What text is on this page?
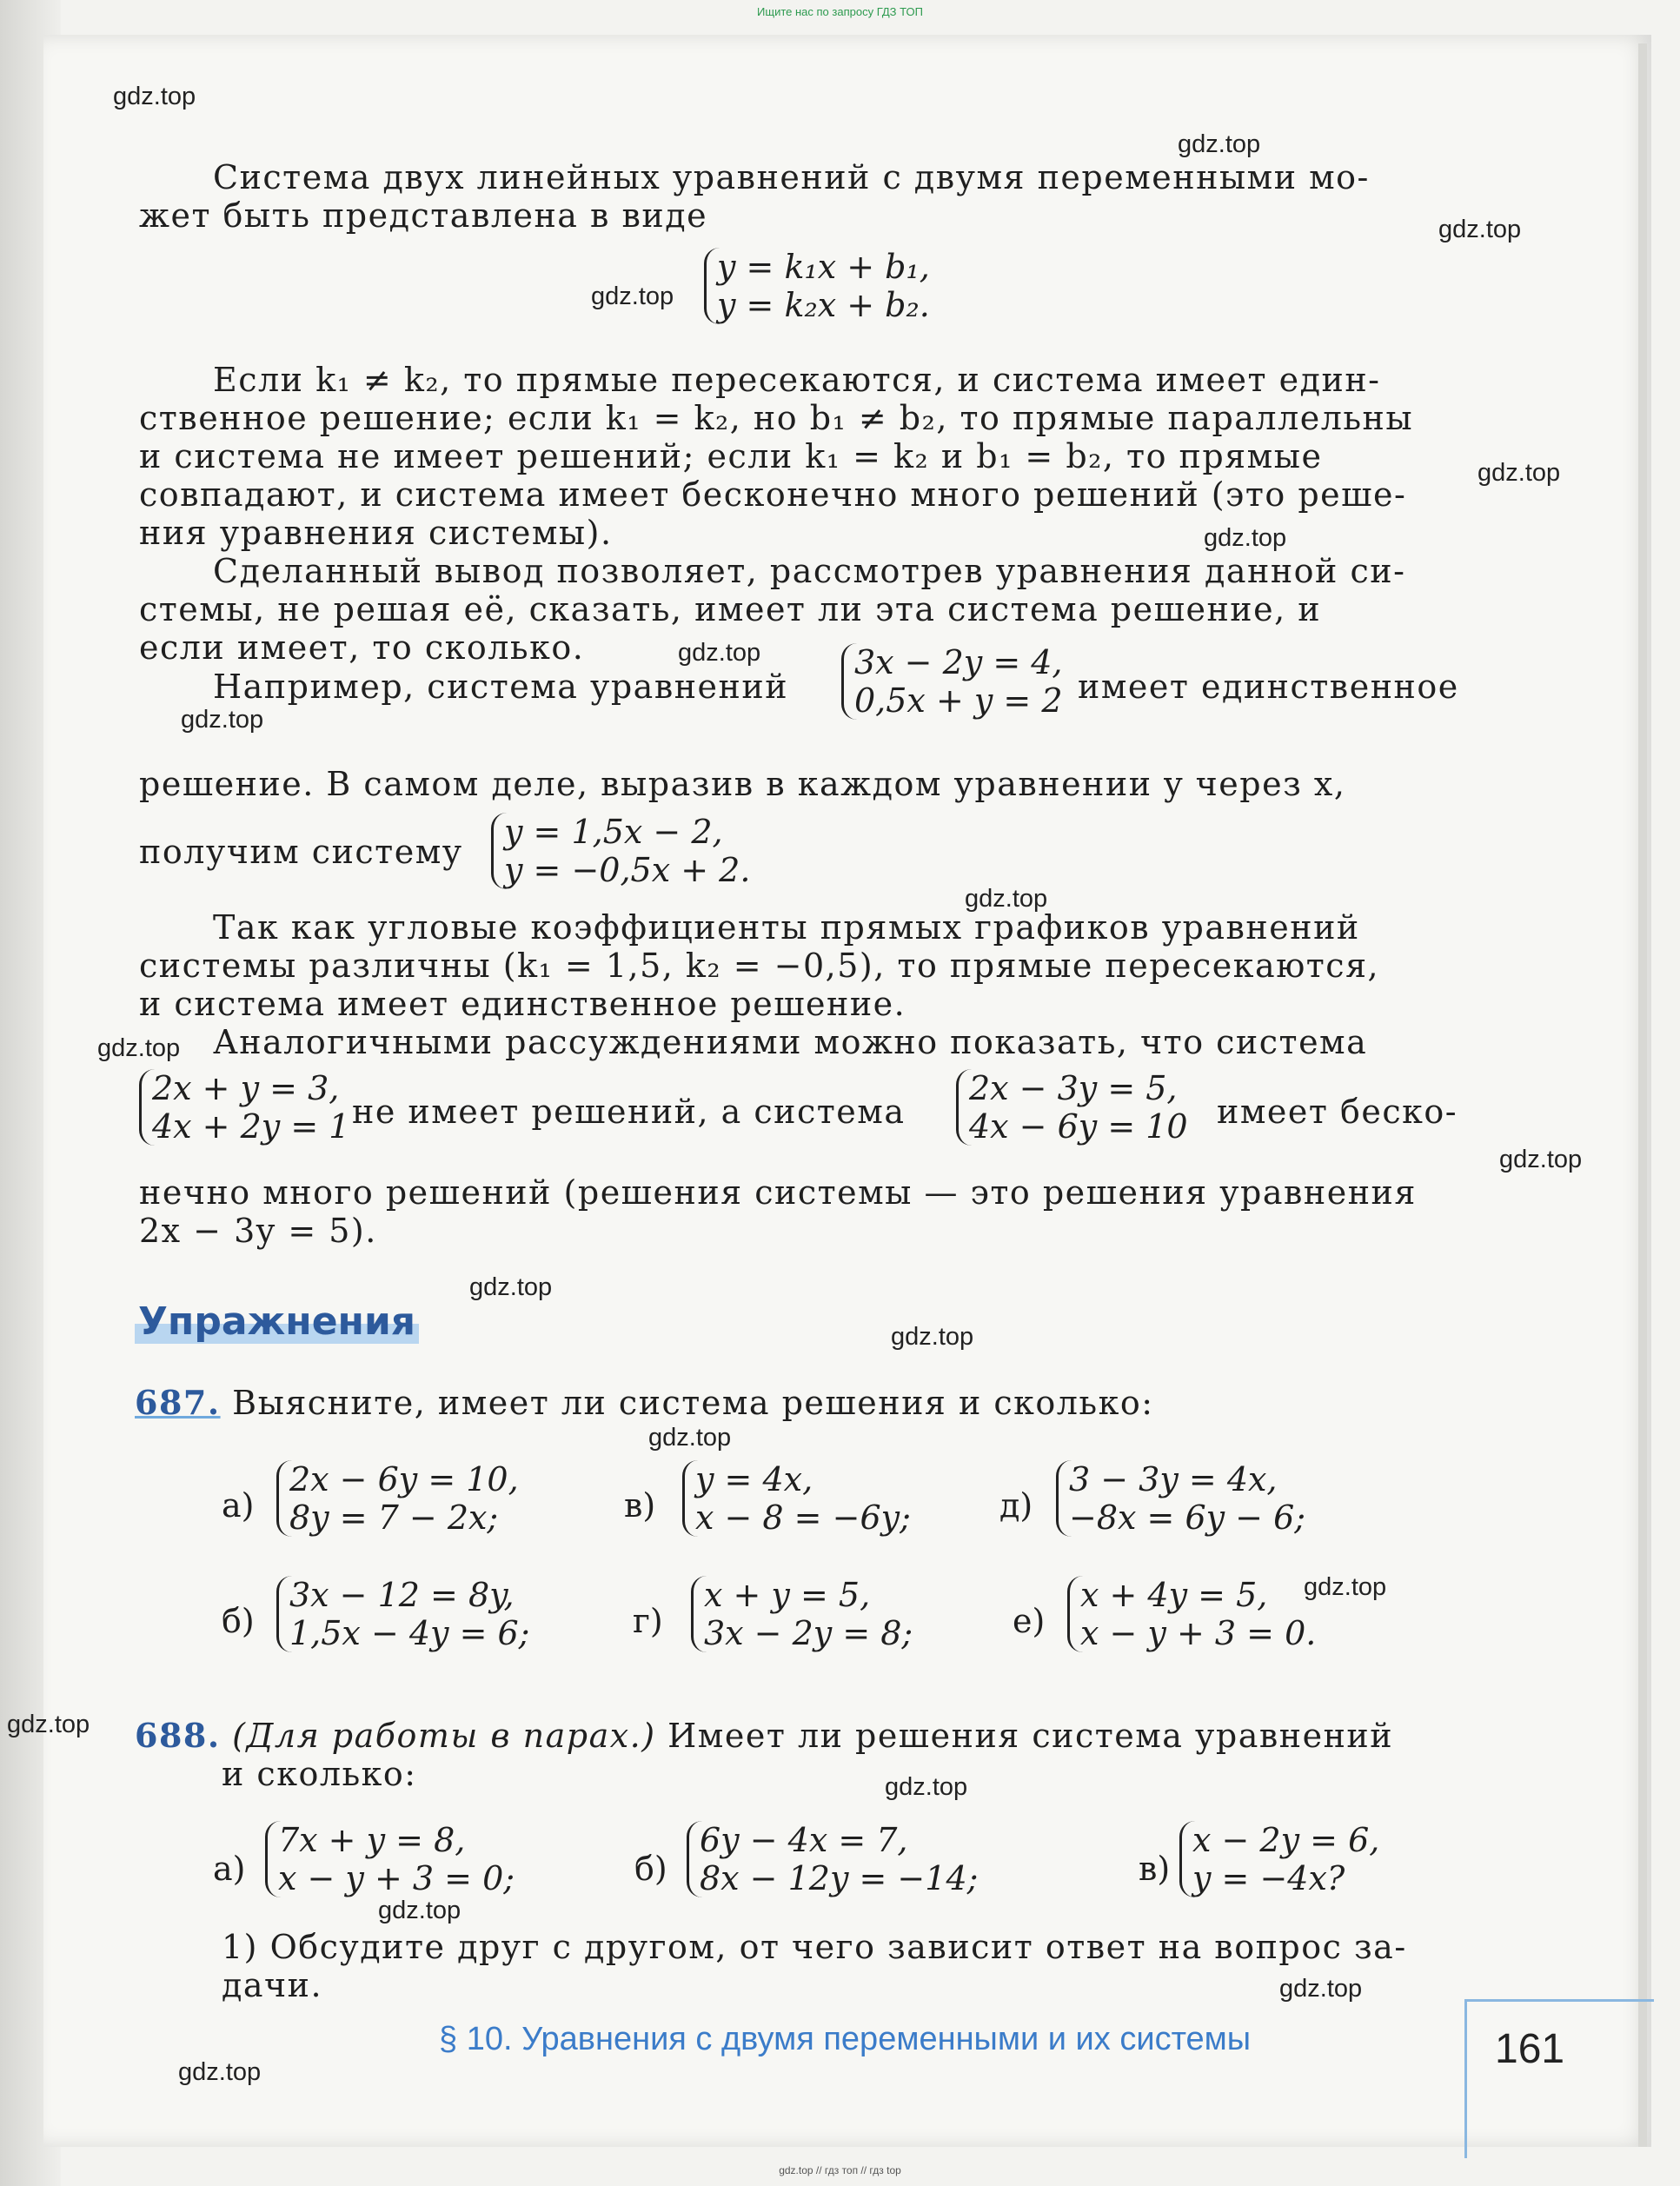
Ищите нас по запросу ГДЗ ТОП
gdz.top
gdz.top
gdz.top
gdz.top
gdz.top
gdz.top
gdz.top
gdz.top
gdz.top
gdz.top
gdz.top
gdz.top
gdz.top
gdz.top
gdz.top
gdz.top
gdz.top
gdz.top
gdz.top
gdz.top
Система двух линейных уравнений с двумя переменными мо-
жет быть представлена в виде
y = k₁x + b₁,
y = k₂x + b₂.
Если k₁ ≠ k₂, то прямые пересекаются, и система имеет един-
ственное решение; если k₁ = k₂, но b₁ ≠ b₂, то прямые параллельны
и система не имеет решений; если k₁ = k₂ и b₁ = b₂, то прямые
совпадают, и система имеет бесконечно много решений (это реше-
ния уравнения системы).
Сделанный вывод позволяет, рассмотрев уравнения данной си-
стемы, не решая её, сказать, имеет ли эта система решение, и
если имеет, то сколько.
Например, система уравнений
3x − 2y = 4,
0,5x + y = 2 имеет единственное
решение. В самом деле, выразив в каждом уравнении y через x,
получим систему
y = 1,5x − 2,
y = −0,5x + 2.
Так как угловые коэффициенты прямых графиков уравнений
системы различны (k₁ = 1,5, k₂ = −0,5), то прямые пересекаются,
и система имеет единственное решение.
Аналогичными рассуждениями можно показать, что система
2x + y = 3,
4x + 2y = 1 не имеет решений, а система
2x − 3y = 5,
4x − 6y = 10 имеет беско-
нечно много решений (решения системы — это решения уравнения
2x − 3y = 5).
Упражнения
687. Выясните, имеет ли система решения и сколько:
а)
2x − 6y = 10,
8y = 7 − 2x;	в)
y = 4x,
x − 8 = −6y;	д)
3 − 3y = 4x,
−8x = 6y − 6;
б)
3x − 12 = 8y,
1,5x − 4y = 6;	г)
x + y = 5,
3x − 2y = 8;	е)
x + 4y = 5,
x − y + 3 = 0.
688. (Для работы в парах.) Имеет ли решения система уравнений
и сколько:
а)
7x + y = 8,
x − y + 3 = 0;	б)
6y − 4x = 7,
8x − 12y = −14;	в)
x − 2y = 6,
y = −4x?
1) Обсудите друг с другом, от чего зависит ответ на вопрос за-
дачи.
§ 10. Уравнения с двумя переменными и их системы	161
gdz.top // гдз топ // гдз top
